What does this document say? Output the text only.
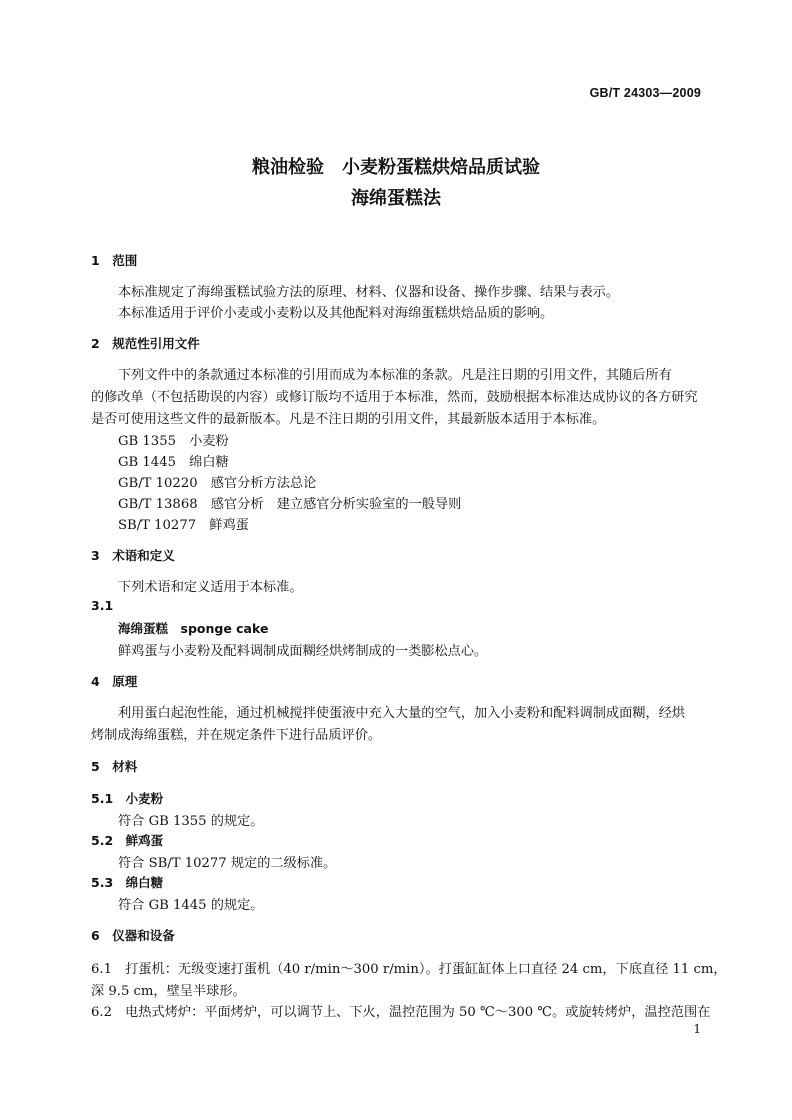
GB/T 24303—2009
粮油检验　小麦粉蛋糕烘焙品质试验
海绵蛋糕法
1　范围
本标准规定了海绵蛋糕试验方法的原理、材料、仪器和设备、操作步骤、结果与表示。
本标准适用于评价小麦或小麦粉以及其他配料对海绵蛋糕烘焙品质的影响。
2　规范性引用文件
下列文件中的条款通过本标准的引用而成为本标准的条款。凡是注日期的引用文件，其随后所有
的修改单（不包括勘误的内容）或修订版均不适用于本标准，然而，鼓励根据本标准达成协议的各方研究
是否可使用这些文件的最新版本。凡是不注日期的引用文件，其最新版本适用于本标准。
GB 1355　小麦粉
GB 1445　绵白糖
GB/T 10220　感官分析方法总论
GB/T 13868　感官分析　建立感官分析实验室的一般导则
SB/T 10277　鲜鸡蛋
3　术语和定义
下列术语和定义适用于本标准。
3.1
海绵蛋糕　sponge cake
鲜鸡蛋与小麦粉及配料调制成面糊经烘烤制成的一类膨松点心。
4　原理
利用蛋白起泡性能，通过机械搅拌使蛋液中充入大量的空气，加入小麦粉和配料调制成面糊，经烘
烤制成海绵蛋糕，并在规定条件下进行品质评价。
5　材料
5.1　小麦粉
符合 GB 1355 的规定。
5.2　鲜鸡蛋
符合 SB/T 10277 规定的二级标准。
5.3　绵白糖
符合 GB 1445 的规定。
6　仪器和设备
6.1　打蛋机：无级变速打蛋机（40 r/min～300 r/min）。打蛋缸缸体上口直径 24 cm，下底直径 11 cm，
深 9.5 cm，壁呈半球形。
6.2　电热式烤炉：平面烤炉，可以调节上、下火，温控范围为 50 ℃～300 ℃。或旋转烤炉，温控范围在
1
